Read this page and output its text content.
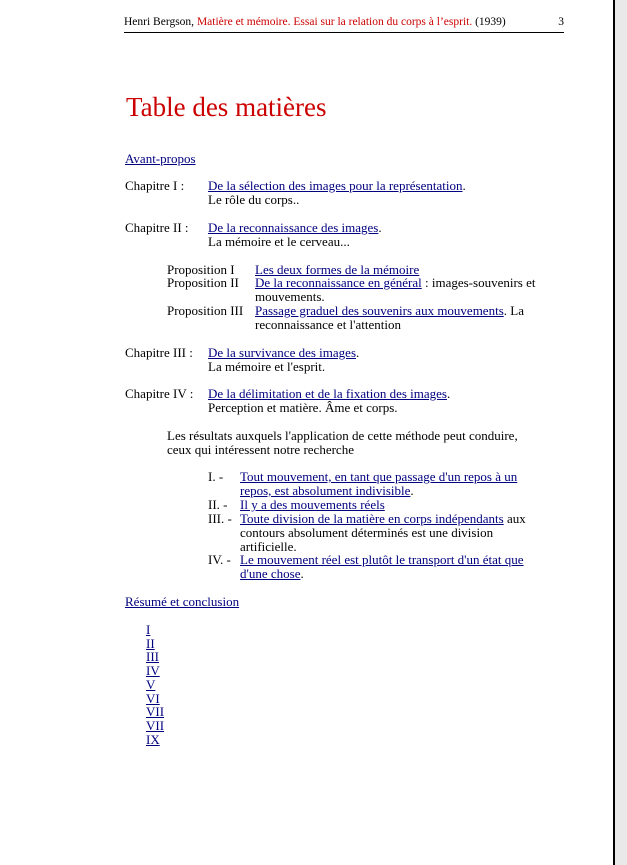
Henri Bergson, Matière et mémoire. Essai sur la relation du corps à l’esprit. (1939)	3
Table des matières
Avant-propos
Chapitre I : De la sélection des images pour la représentation.
Le rôle du corps..
Chapitre II : De la reconnaissance des images.
La mémoire et le cerveau...
Proposition I Les deux formes de la mémoire
Proposition II De la reconnaissance en général : images-souvenirs et
mouvements.
Proposition III Passage graduel des souvenirs aux mouvements. La
reconnaissance et l'attention
Chapitre III : De la survivance des images.
La mémoire et l'esprit.
Chapitre IV : De la délimitation et de la fixation des images.
Perception et matière. Âme et corps.
Les résultats auxquels l'application de cette méthode peut conduire,
ceux qui intéressent notre recherche
I. - Tout mouvement, en tant que passage d'un repos à un
repos, est absolument indivisible.
II. - Il y a des mouvements réels
III. - Toute division de la matière en corps indépendants aux
contours absolument déterminés est une division
artificielle.
IV. - Le mouvement réel est plutôt le transport d'un état que
d'une chose.
Résumé et conclusion
I
II
III
IV
V
VI
VII
VII
IX
